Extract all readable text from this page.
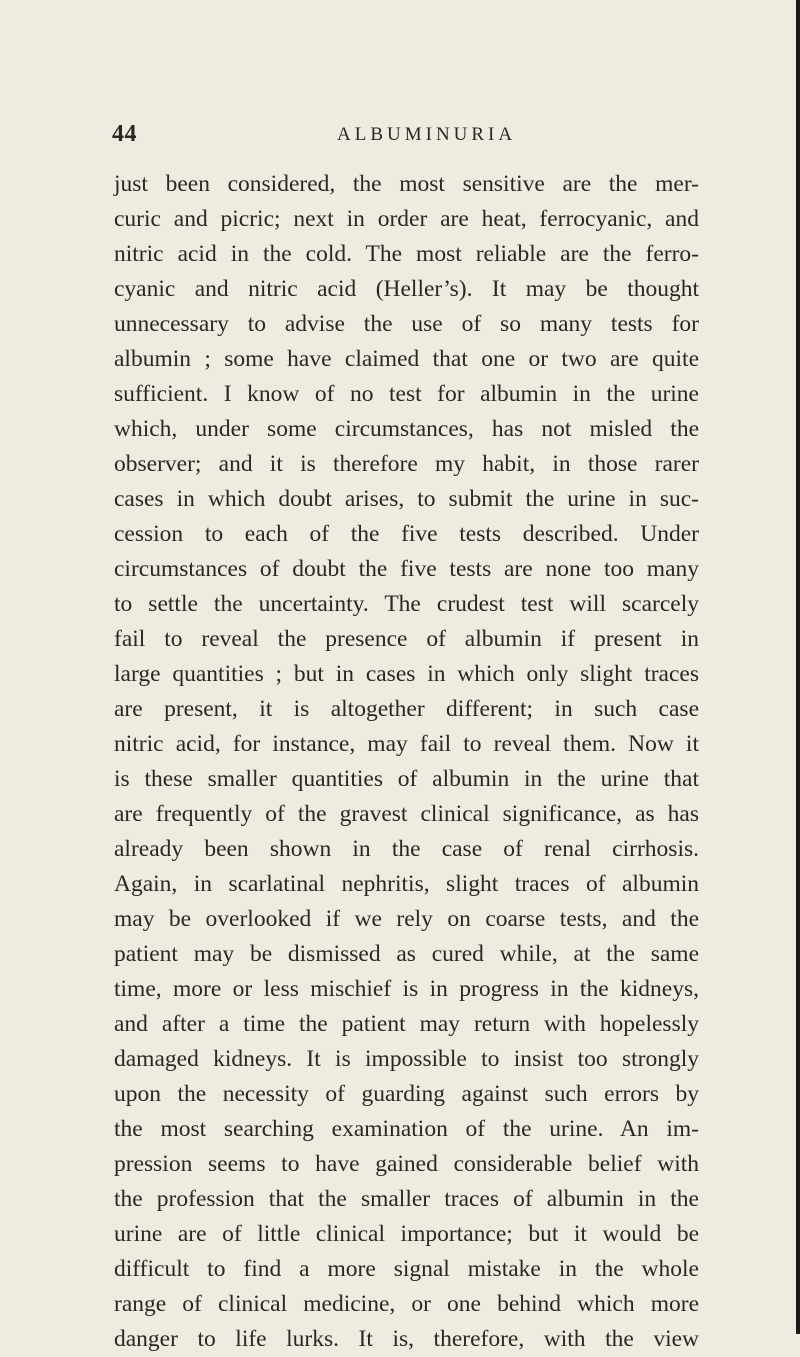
44	ALBUMINURIA
just been considered, the most sensitive are the mer-
curic and picric; next in order are heat, ferrocyanic, and
nitric acid in the cold. The most reliable are the ferro-
cyanic and nitric acid (Heller’s). It may be thought
unnecessary to advise the use of so many tests for
albumin ; some have claimed that one or two are quite
sufficient. I know of no test for albumin in the urine
which, under some circumstances, has not misled the
observer; and it is therefore my habit, in those rarer
cases in which doubt arises, to submit the urine in suc-
cession to each of the five tests described. Under
circumstances of doubt the five tests are none too many
to settle the uncertainty. The crudest test will scarcely
fail to reveal the presence of albumin if present in
large quantities ; but in cases in which only slight traces
are present, it is altogether different; in such case
nitric acid, for instance, may fail to reveal them. Now it
is these smaller quantities of albumin in the urine that
are frequently of the gravest clinical significance, as has
already been shown in the case of renal cirrhosis.
Again, in scarlatinal nephritis, slight traces of albumin
may be overlooked if we rely on coarse tests, and the
patient may be dismissed as cured while, at the same
time, more or less mischief is in progress in the kidneys,
and after a time the patient may return with hopelessly
damaged kidneys. It is impossible to insist too strongly
upon the necessity of guarding against such errors by
the most searching examination of the urine. An im-
pression seems to have gained considerable belief with
the profession that the smaller traces of albumin in the
urine are of little clinical importance; but it would be
difficult to find a more signal mistake in the whole
range of clinical medicine, or one behind which more
danger to life lurks. It is, therefore, with the view
